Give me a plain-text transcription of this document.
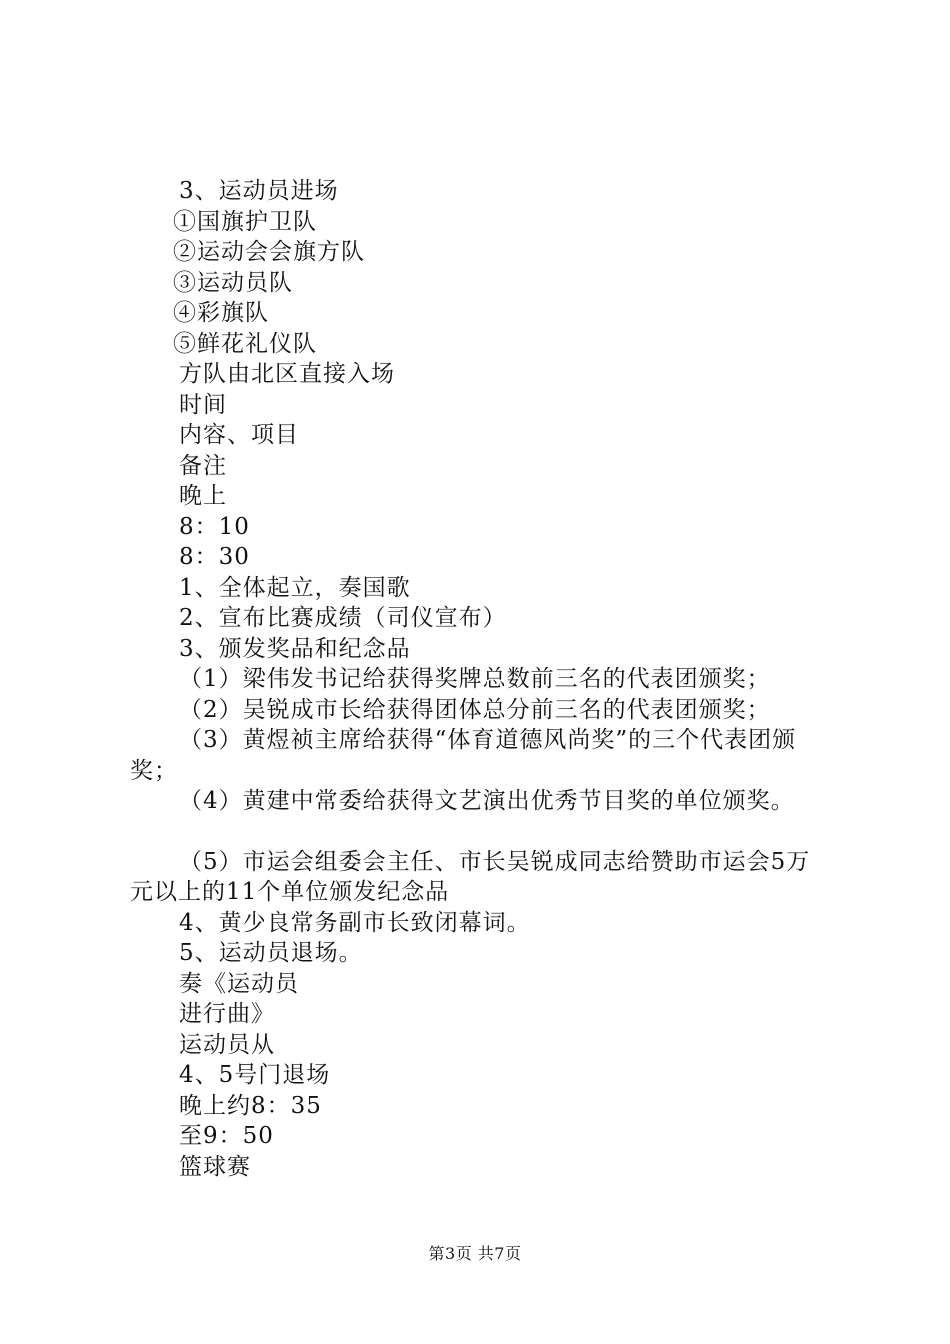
3、运动员进场
①国旗护卫队
②运动会会旗方队
③运动员队
④彩旗队
⑤鲜花礼仪队
方队由北区直接入场
时间
内容、项目
备注
晚上
8：10
8：30
1、全体起立，奏国歌
2、宣布比赛成绩（司仪宣布）
3、颁发奖品和纪念品
（1）梁伟发书记给获得奖牌总数前三名的代表团颁奖；
（2）吴锐成市长给获得团体总分前三名的代表团颁奖；
（3）黄煜祯主席给获得“体育道德风尚奖”的三个代表团颁奖；
（4）黄建中常委给获得文艺演出优秀节目奖的单位颁奖。
（5）市运会组委会主任、市长吴锐成同志给赞助市运会5万元以上的11个单位颁发纪念品
4、黄少良常务副市长致闭幕词。
5、运动员退场。
奏《运动员
进行曲》
运动员从
4、5号门退场
晚上约8：35
至9：50
篮球赛
第3页 共7页
